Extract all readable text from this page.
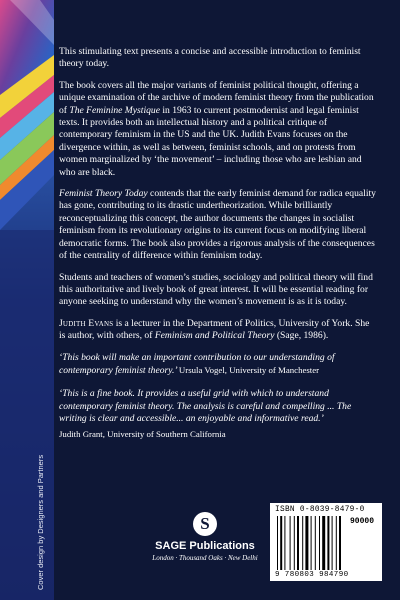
Cover design by Designers and Partners

This stimulating text presents a concise and accessible introduction to feminist theory today.

The book covers all the major variants of feminist political thought, offering a unique examination of the archive of modern feminist theory from the publication of The Feminine Mystique in 1963 to current postmodernist and legal feminist texts. It provides both an intellectual history and a political critique of contemporary feminism in the US and the UK. Judith Evans focuses on the divergence within, as well as between, feminist schools, and on protests from women marginalized by ‘the movement’ – including those who are lesbian and who are black.

Feminist Theory Today contends that the early feminist demand for radica equality has gone, contributing to its drastic undertheorization. While brilliantly reconceptualizing this concept, the author documents the changes in socialist feminism from its revolutionary origins to its current focus on modifying liberal democratic forms. The book also provides a rigorous analysis of the consequences of the centrality of difference within feminism today.

Students and teachers of women’s studies, sociology and political theory will find this authoritative and lively book of great interest. It will be essential reading for anyone seeking to understand why the women’s movement is as it is today.

Judith Evans is a lecturer in the Department of Politics, University of York. She is author, with others, of Feminism and Political Theory (Sage, 1986).

‘This book will make an important contribution to our understanding of contemporary feminist theory.’ Ursula Vogel, University of Manchester

‘This is a fine book. It provides a useful grid with which to understand contemporary feminist theory. The analysis is careful and compelling ... The writing is clear and accessible... an enjoyable and informative read.’

Judith Grant, University of Southern California

S
SAGE Publications
London · Thousand Oaks · New Delhi
ISBN 0-8039-8479-0
90000
9 780803 984790
